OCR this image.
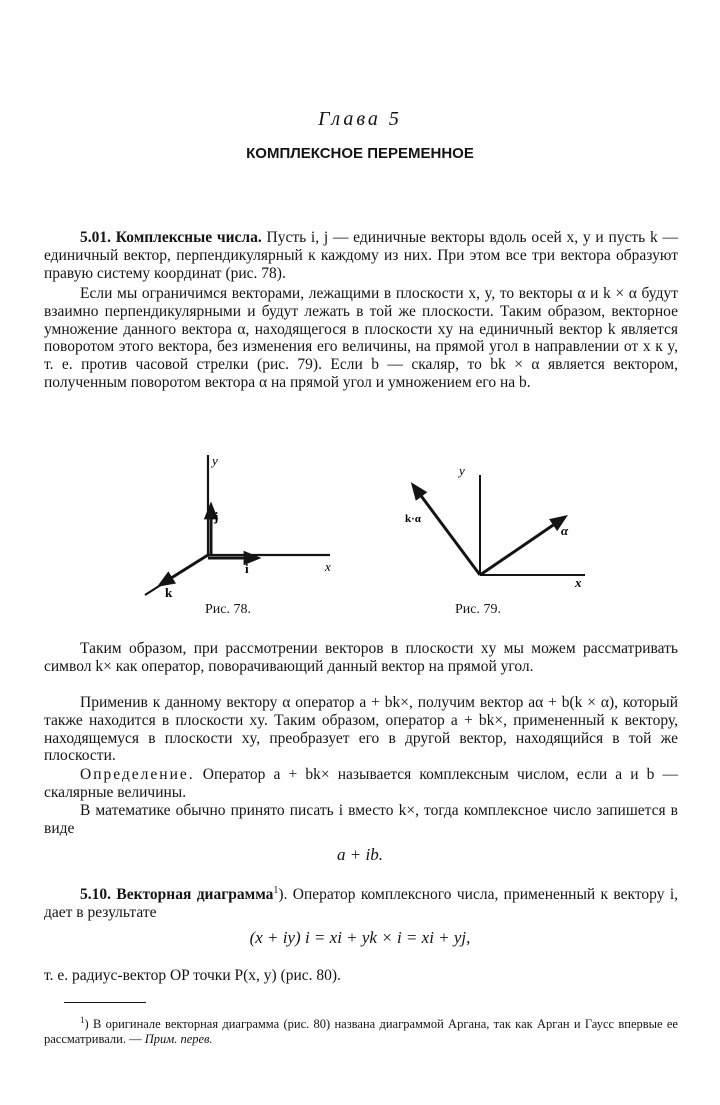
Глава 5
КОМПЛЕКСНОЕ ПЕРЕМЕННОЕ

5.01. Комплексные числа. Пусть i, j — единичные векторы вдоль осей x, y и пусть k — единичный вектор, перпендикулярный к каждому из них. При этом все три вектора образуют правую систему координат (рис. 78).

Если мы ограничимся векторами, лежащими в плоскости x, y, то векторы α и k × α будут взаимно перпендикулярными и будут лежать в той же плоскости. Таким образом, векторное умножение данного вектора α, находящегося в плоскости xy на единичный вектор k является поворотом этого вектора, без изменения его величины, на прямой угол в направлении от x к y, т. е. против часовой стрелки (рис. 79). Если b — скаляр, то bk × α является вектором, полученным поворотом вектора α на прямой угол и умножением его на b.

y
j
i	x
k
y
k·α
α
x
Рис. 78.	Рис. 79.

Таким образом, при рассмотрении векторов в плоскости xy мы можем рассматривать символ k× как оператор, поворачивающий данный вектор на прямой угол.

Применив к данному вектору α оператор a + bk×, получим вектор aα + b(k × α), который также находится в плоскости xy. Таким образом, оператор a + bk×, примененный к вектору, находящемуся в плоскости xy, преобразует его в другой вектор, находящийся в той же плоскости.

Определение. Оператор a + bk× называется комплексным числом, если a и b — скалярные величины.

В математике обычно принято писать i вместо k×, тогда комплексное число запишется в виде

a + ib.

5.10. Векторная диаграмма$^1$). Оператор комплексного числа, примененный к вектору i, дает в результате

(x + iy) i = xi + yk × i = xi + yj,

т. е. радиус-вектор OP точки P(x, y) (рис. 80).

$^1$) В оригинале векторная диаграмма (рис. 80) названа диаграммой Аргана, так как Арган и Гаусс впервые ее рассматривали. — Прим. перев.
